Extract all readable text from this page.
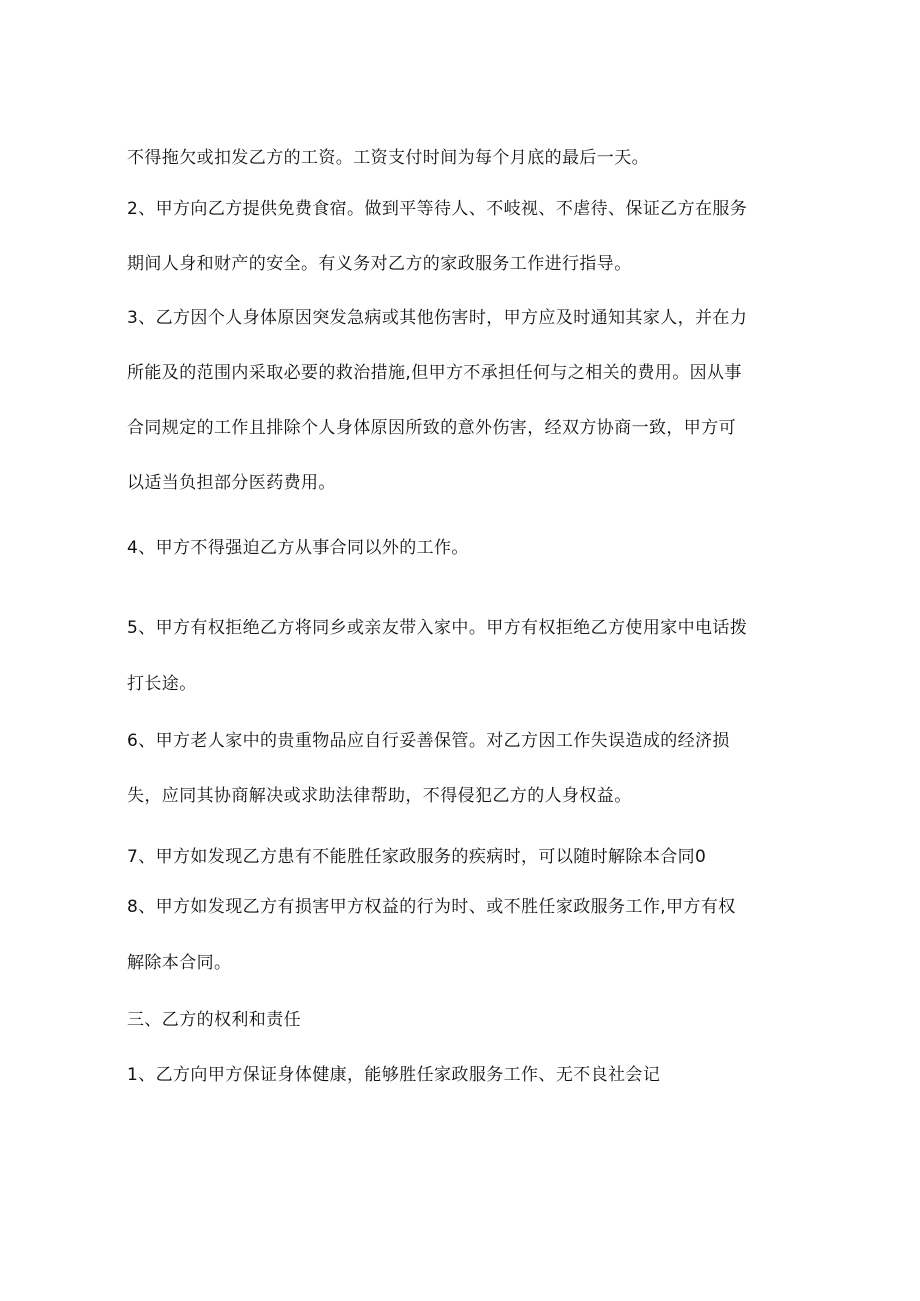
不得拖欠或扣发乙方的工资。工资支付时间为每个月底的最后一天。
2、甲方向乙方提供免费食宿。做到平等待人、不岐视、不虐待、保证乙方在服务
期间人身和财产的安全。有义务对乙方的家政服务工作进行指导。
3、乙方因个人身体原因突发急病或其他伤害时，甲方应及时通知其家人，并在力
所能及的范围内采取必要的救治措施,但甲方不承担任何与之相关的费用。因从事
合同规定的工作且排除个人身体原因所致的意外伤害，经双方协商一致，甲方可
以适当负担部分医药费用。
4、甲方不得强迫乙方从事合同以外的工作。
5、甲方有权拒绝乙方将同乡或亲友带入家中。甲方有权拒绝乙方使用家中电话拨
打长途。
6、甲方老人家中的贵重物品应自行妥善保管。对乙方因工作失误造成的经济损
失，应同其协商解决或求助法律帮助，不得侵犯乙方的人身权益。
7、甲方如发现乙方患有不能胜任家政服务的疾病时，可以随时解除本合同0
8、甲方如发现乙方有损害甲方权益的行为时、或不胜任家政服务工作,甲方有权
解除本合同。
三、乙方的权利和责任
1、乙方向甲方保证身体健康，能够胜任家政服务工作、无不良社会记
